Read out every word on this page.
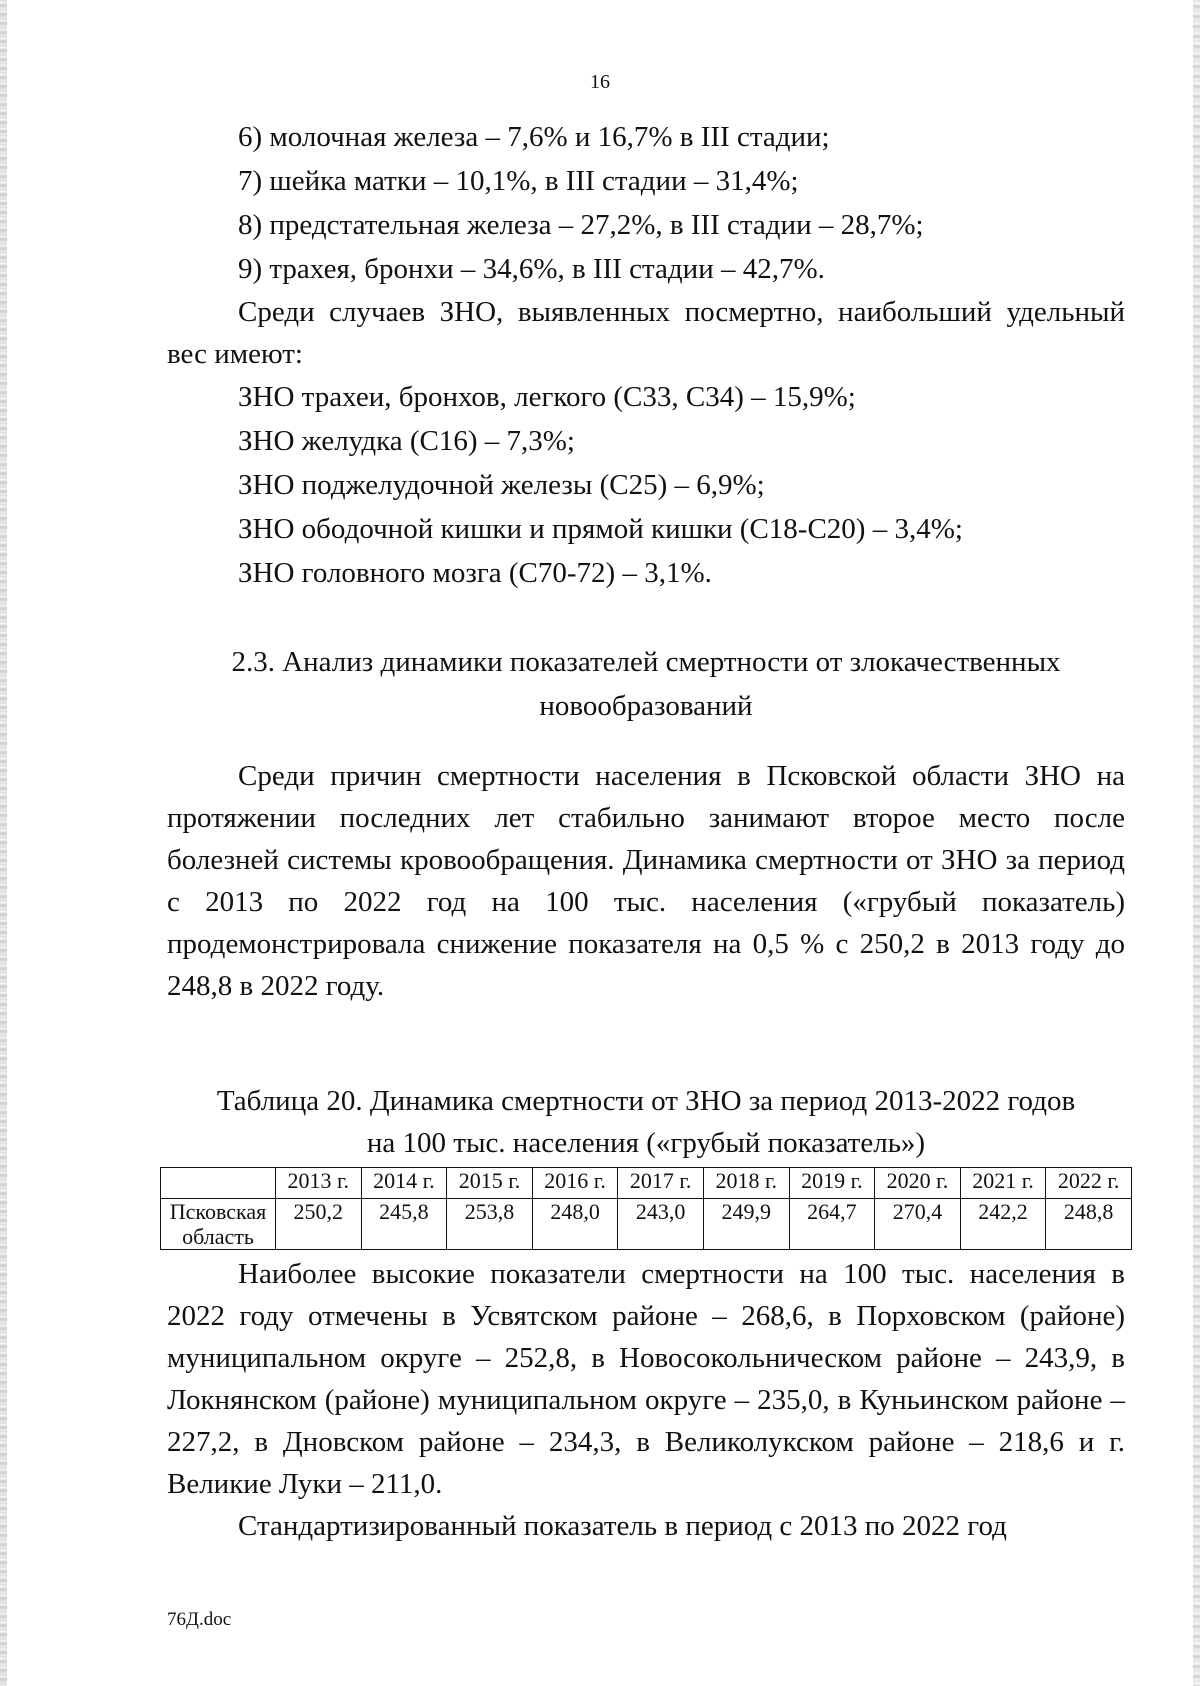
16
6) молочная железа – 7,6% и 16,7% в III стадии;
7) шейка матки – 10,1%, в III стадии – 31,4%;
8) предстательная железа – 27,2%, в III стадии – 28,7%;
9) трахея, бронхи – 34,6%, в III стадии – 42,7%.

Среди случаев ЗНО, выявленных посмертно, наибольший удельный вес имеют:

ЗНО трахеи, бронхов, легкого (С33, С34) – 15,9%;
ЗНО желудка (С16) – 7,3%;
ЗНО поджелудочной железы (С25) – 6,9%;
ЗНО ободочной кишки и прямой кишки (С18-С20) – 3,4%;
ЗНО головного мозга (С70-72) – 3,1%.
2.3. Анализ динамики показателей смертности от злокачественных
новообразований

Среди причин смертности населения в Псковской области ЗНО на протяжении последних лет стабильно занимают второе место после болезней системы кровообращения. Динамика смертности от ЗНО за период с 2013 по 2022 год на 100 тыс. населения («грубый показатель) продемонстрировала снижение показателя на 0,5 % с 250,2 в 2013 году до 248,8 в 2022 году.

Таблица 20. Динамика смертности от ЗНО за период 2013-2022 годов
на 100 тыс. населения («грубый показатель»)
	2013 г.	2014 г.	2015 г.	2016 г.	2017 г.	2018 г.	2019 г.	2020 г.	2021 г.	2022 г.

Псковская
область	250,2	245,8	253,8	248,0	243,0	249,9	264,7	270,4	242,2	248,8

Наиболее высокие показатели смертности на 100 тыс. населения в 2022 году отмечены в Усвятском районе – 268,6, в Порховском (районе) муниципальном округе – 252,8, в Новосокольническом районе – 243,9, в Локнянском (районе) муниципальном округе – 235,0, в Куньинском районе – 227,2, в Дновском районе – 234,3, в Великолукском районе – 218,6 и г. Великие Луки – 211,0.

Стандартизированный показатель в период с 2013 по 2022 год

76Д.doc
